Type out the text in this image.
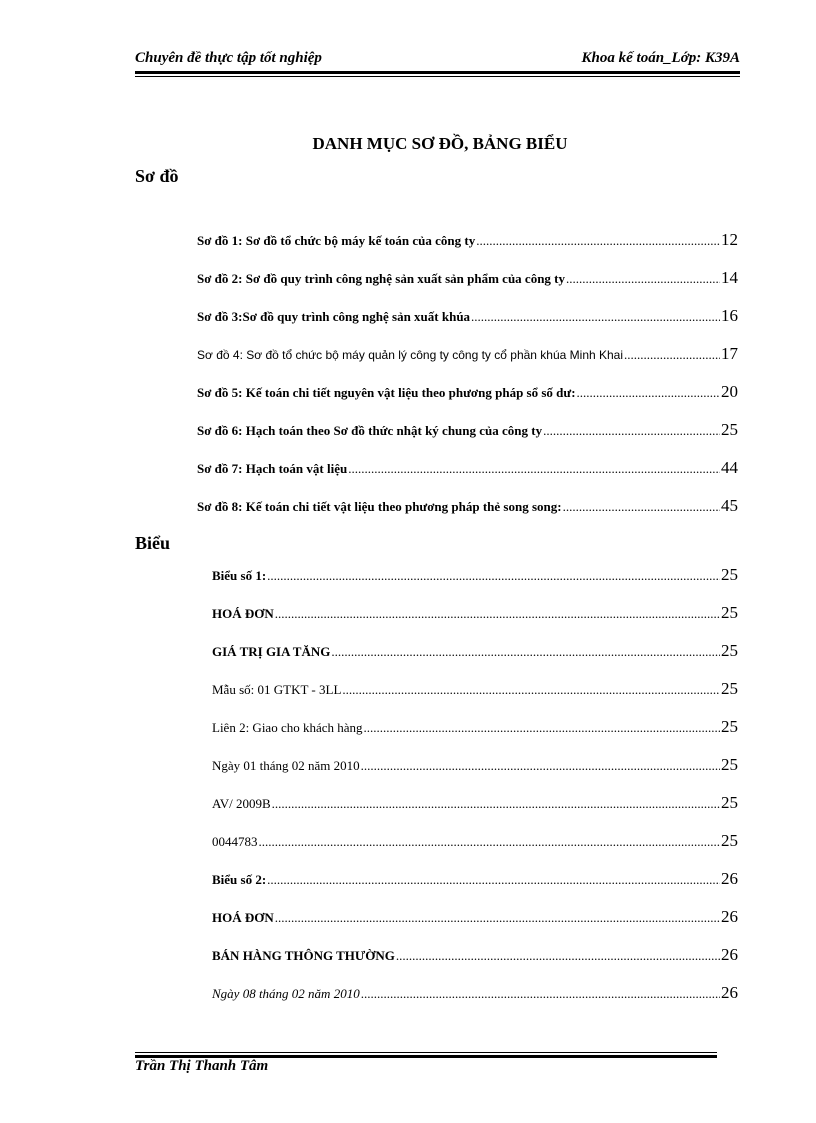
Chuyên đề thực tập tốt nghiệp	Khoa kế toán_Lớp: K39A
DANH MỤC SƠ ĐỒ, BẢNG BIỂU
Sơ đồ
Sơ đồ 1: Sơ đồ tổ chức bộ máy kế toán của công ty .....	12
Sơ đồ 2: Sơ đồ quy trình công nghệ sản xuất sản phẩm của công ty .....	14
Sơ đồ 3:Sơ đồ quy trình công nghệ sản xuất khúa .....	16
Sơ đồ 4: Sơ đồ tổ chức bộ máy quản lý công ty công ty cổ phần khúa Minh Khai .....	17
Sơ đồ 5: Kế toán chi tiết nguyên vật liệu theo phương pháp sổ số dư: .....	20
Sơ đồ 6: Hạch toán theo Sơ đồ thức nhật ký chung của công ty .....	25
Sơ đồ 7: Hạch toán vật liệu .....	44
Sơ đồ 8: Kế toán chi tiết vật liệu theo phương pháp thẻ song song: .....	45
Biểu
Biểu số 1: .....	25
HOÁ ĐƠN .....	25
GIÁ TRỊ GIA TĂNG .....	25
Mẫu số: 01 GTKT - 3LL .....	25
Liên 2: Giao cho khách hàng .....	25
Ngày 01 tháng 02 năm 2010 .....	25
AV/ 2009B .....	25
0044783 .....	25
Biểu số 2: .....	26
HOÁ ĐƠN .....	26
BÁN HÀNG THÔNG THƯỜNG .....	26
Ngày 08 tháng 02 năm 2010 .....	26
Trần Thị Thanh Tâm
